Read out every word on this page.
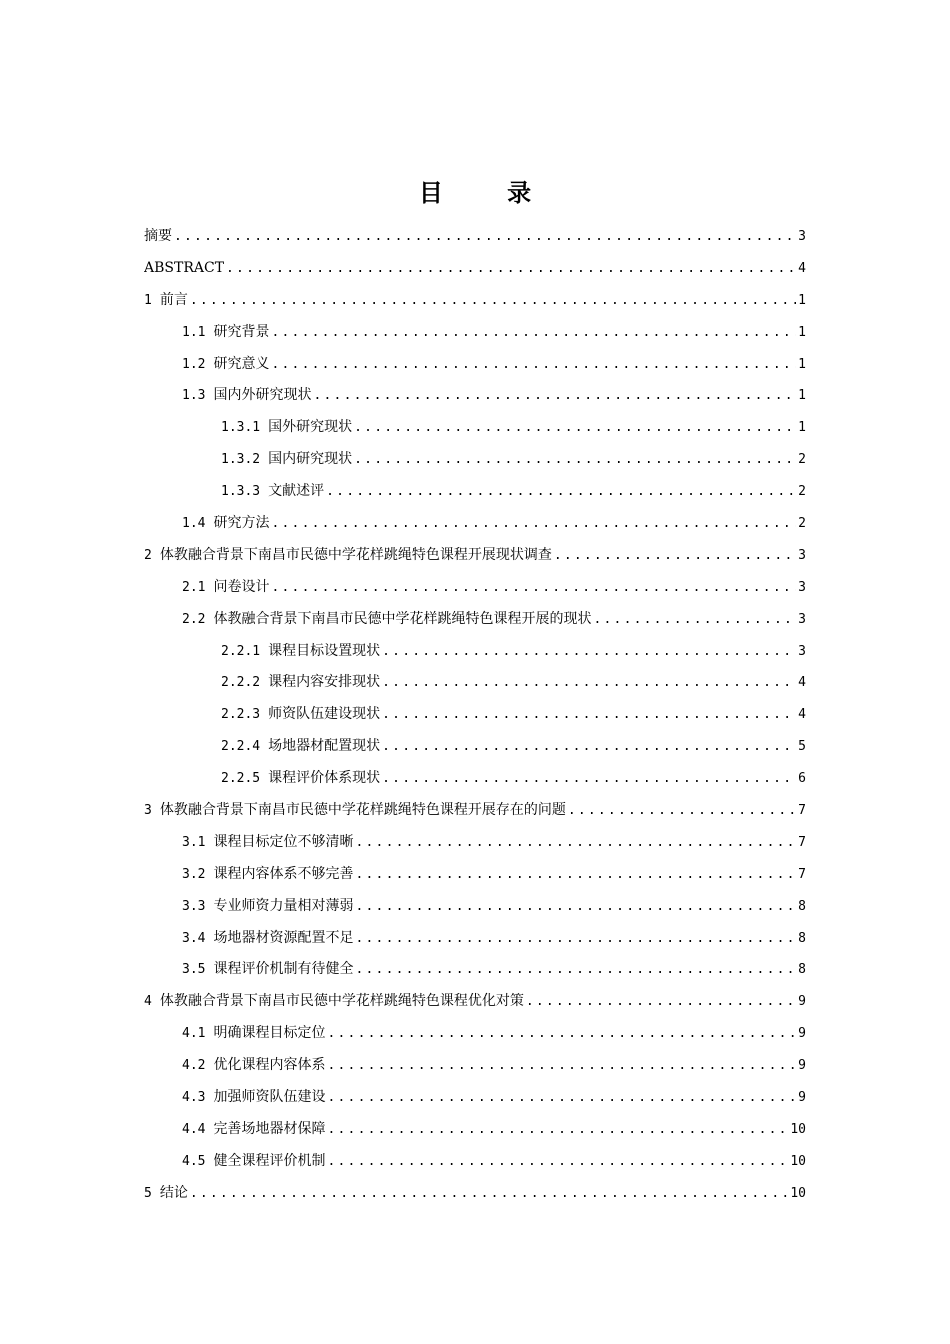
目 录
摘要 .....	3
ABSTRACT .....	4
1 前言 .....	1
1.1 研究背景 .....	1
1.2 研究意义 .....	1
1.3 国内外研究现状 .....	1
1.3.1 国外研究现状 .....	1
1.3.2 国内研究现状 .....	2
1.3.3 文献述评 .....	2
1.4 研究方法 .....	2
2 体教融合背景下南昌市民德中学花样跳绳特色课程开展现状调查 .....	3
2.1 问卷设计 .....	3
2.2 体教融合背景下南昌市民德中学花样跳绳特色课程开展的现状 .....	3
2.2.1 课程目标设置现状 .....	3
2.2.2 课程内容安排现状 .....	4
2.2.3 师资队伍建设现状 .....	4
2.2.4 场地器材配置现状 .....	5
2.2.5 课程评价体系现状 .....	6
3 体教融合背景下南昌市民德中学花样跳绳特色课程开展存在的问题 .....	7
3.1 课程目标定位不够清晰 .....	7
3.2 课程内容体系不够完善 .....	7
3.3 专业师资力量相对薄弱 .....	8
3.4 场地器材资源配置不足 .....	8
3.5 课程评价机制有待健全 .....	8
4 体教融合背景下南昌市民德中学花样跳绳特色课程优化对策 .....	9
4.1 明确课程目标定位 .....	9
4.2 优化课程内容体系 .....	9
4.3 加强师资队伍建设 .....	9
4.4 完善场地器材保障 .....	10
4.5 健全课程评价机制 .....	10
5 结论 .....	10
